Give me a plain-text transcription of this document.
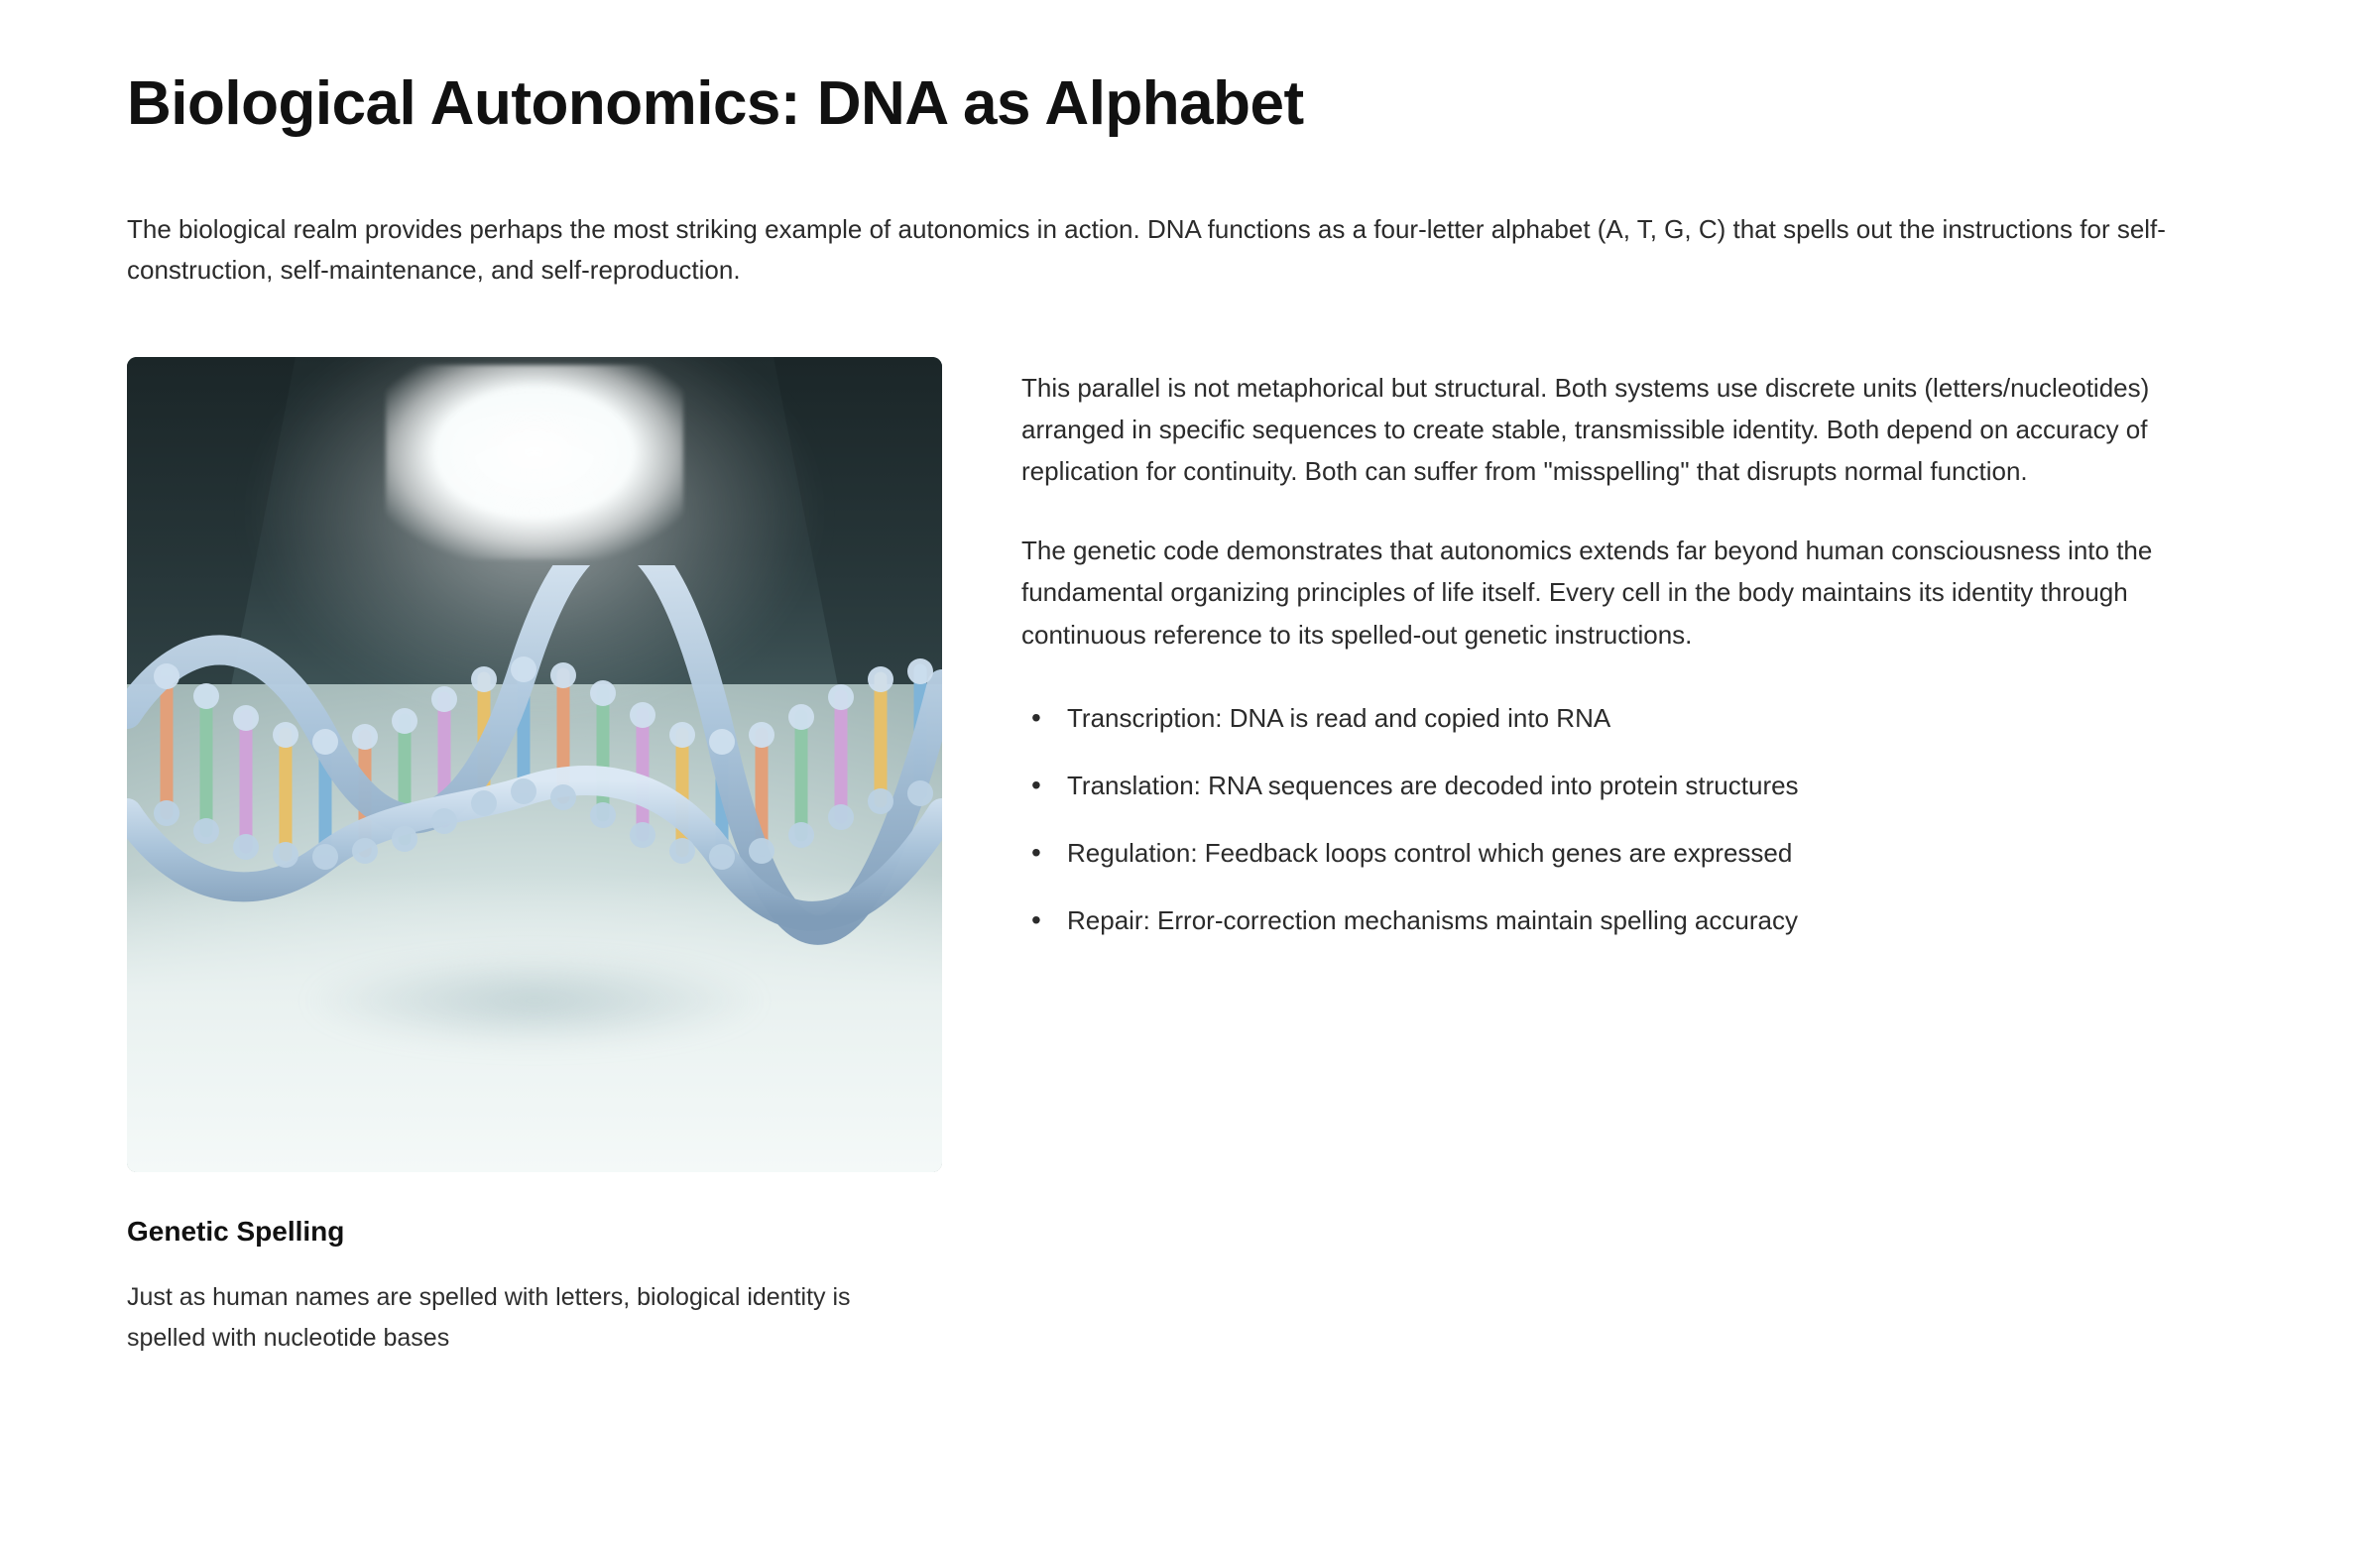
Biological Autonomics: DNA as Alphabet

The biological realm provides perhaps the most striking example of autonomics in action. DNA functions as a four-letter alphabet (A, T, G, C) that spells out the instructions for self-construction, self-maintenance, and self-reproduction.

Genetic Spelling

Just as human names are spelled with letters, biological identity is spelled with nucleotide bases

This parallel is not metaphorical but structural. Both systems use discrete units (letters/nucleotides) arranged in specific sequences to create stable, transmissible identity. Both depend on accuracy of replication for continuity. Both can suffer from "misspelling" that disrupts normal function.

The genetic code demonstrates that autonomics extends far beyond human consciousness into the fundamental organizing principles of life itself. Every cell in the body maintains its identity through continuous reference to its spelled-out genetic instructions.

• Transcription: DNA is read and copied into RNA
• Translation: RNA sequences are decoded into protein structures
• Regulation: Feedback loops control which genes are expressed
• Repair: Error-correction mechanisms maintain spelling accuracy
